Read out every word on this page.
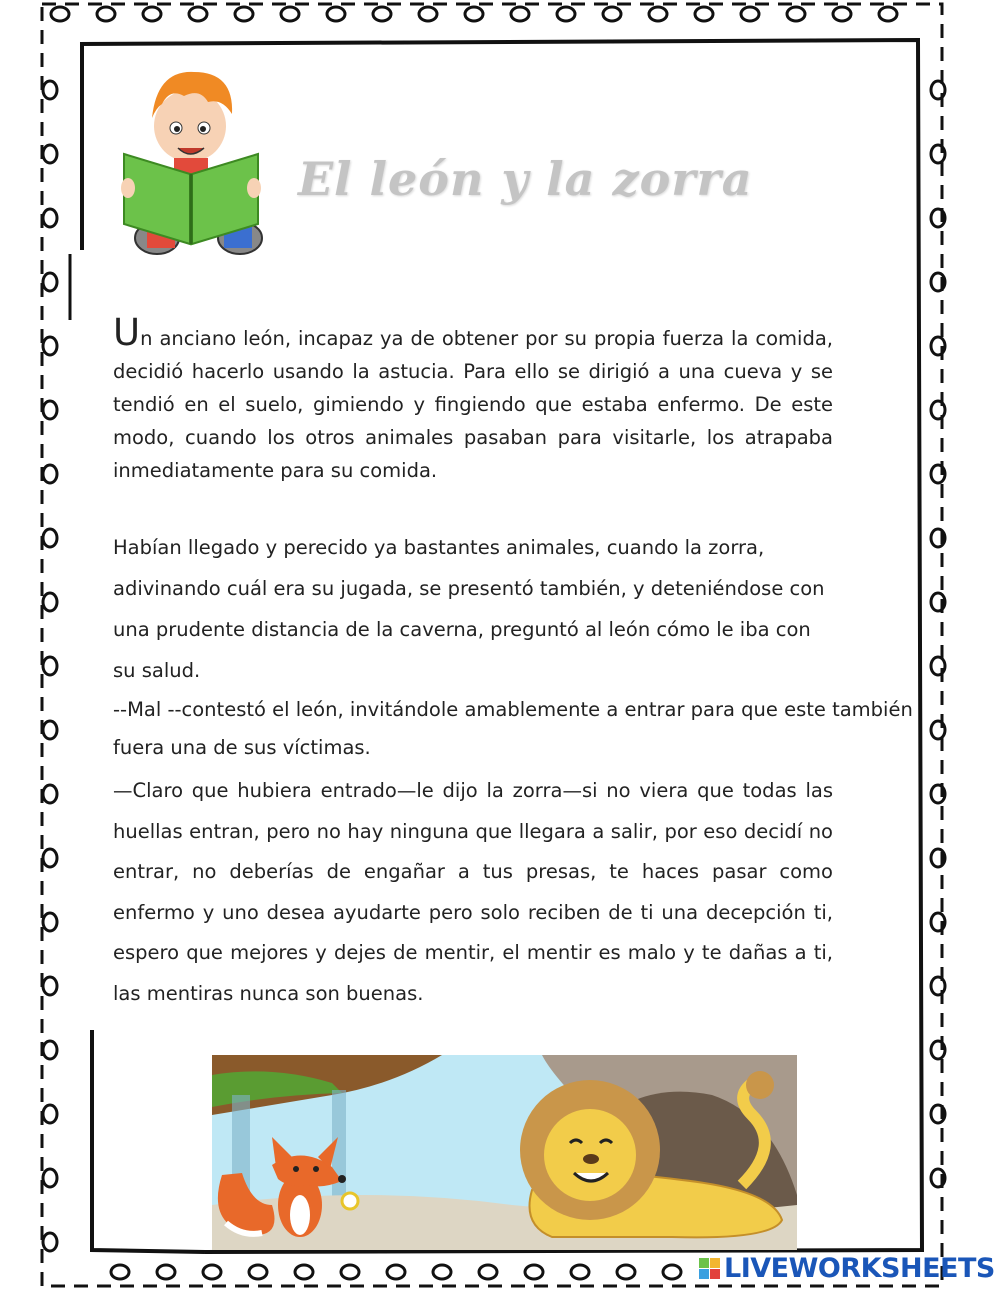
El león y la zorra

Un anciano león, incapaz ya de obtener por su propia fuerza la comida, decidió hacerlo usando la astucia. Para ello se dirigió a una cueva y se tendió en el suelo, gimiendo y fingiendo que estaba enfermo. De este modo, cuando los otros animales pasaban para visitarle, los atrapaba inmediatamente para su comida.

Habían llegado y perecido ya bastantes animales, cuando la zorra, adivinando cuál era su jugada, se presentó también, y deteniéndose con una prudente distancia de la caverna, preguntó al león cómo le iba con su salud.

--Mal --contestó el león, invitándole amablemente a entrar para que este también fuera una de sus víctimas.

—Claro que hubiera entrado—le dijo la zorra—si no viera que todas las huellas entran, pero no hay ninguna que llegara a salir, por eso decidí no entrar, no deberías de engañar a tus presas, te haces pasar como enfermo y uno desea ayudarte pero solo reciben de ti una decepción ti, espero que mejores y dejes de mentir, el mentir es malo y te dañas a ti, las mentiras nunca son buenas.

LIVEWORKSHEETS
